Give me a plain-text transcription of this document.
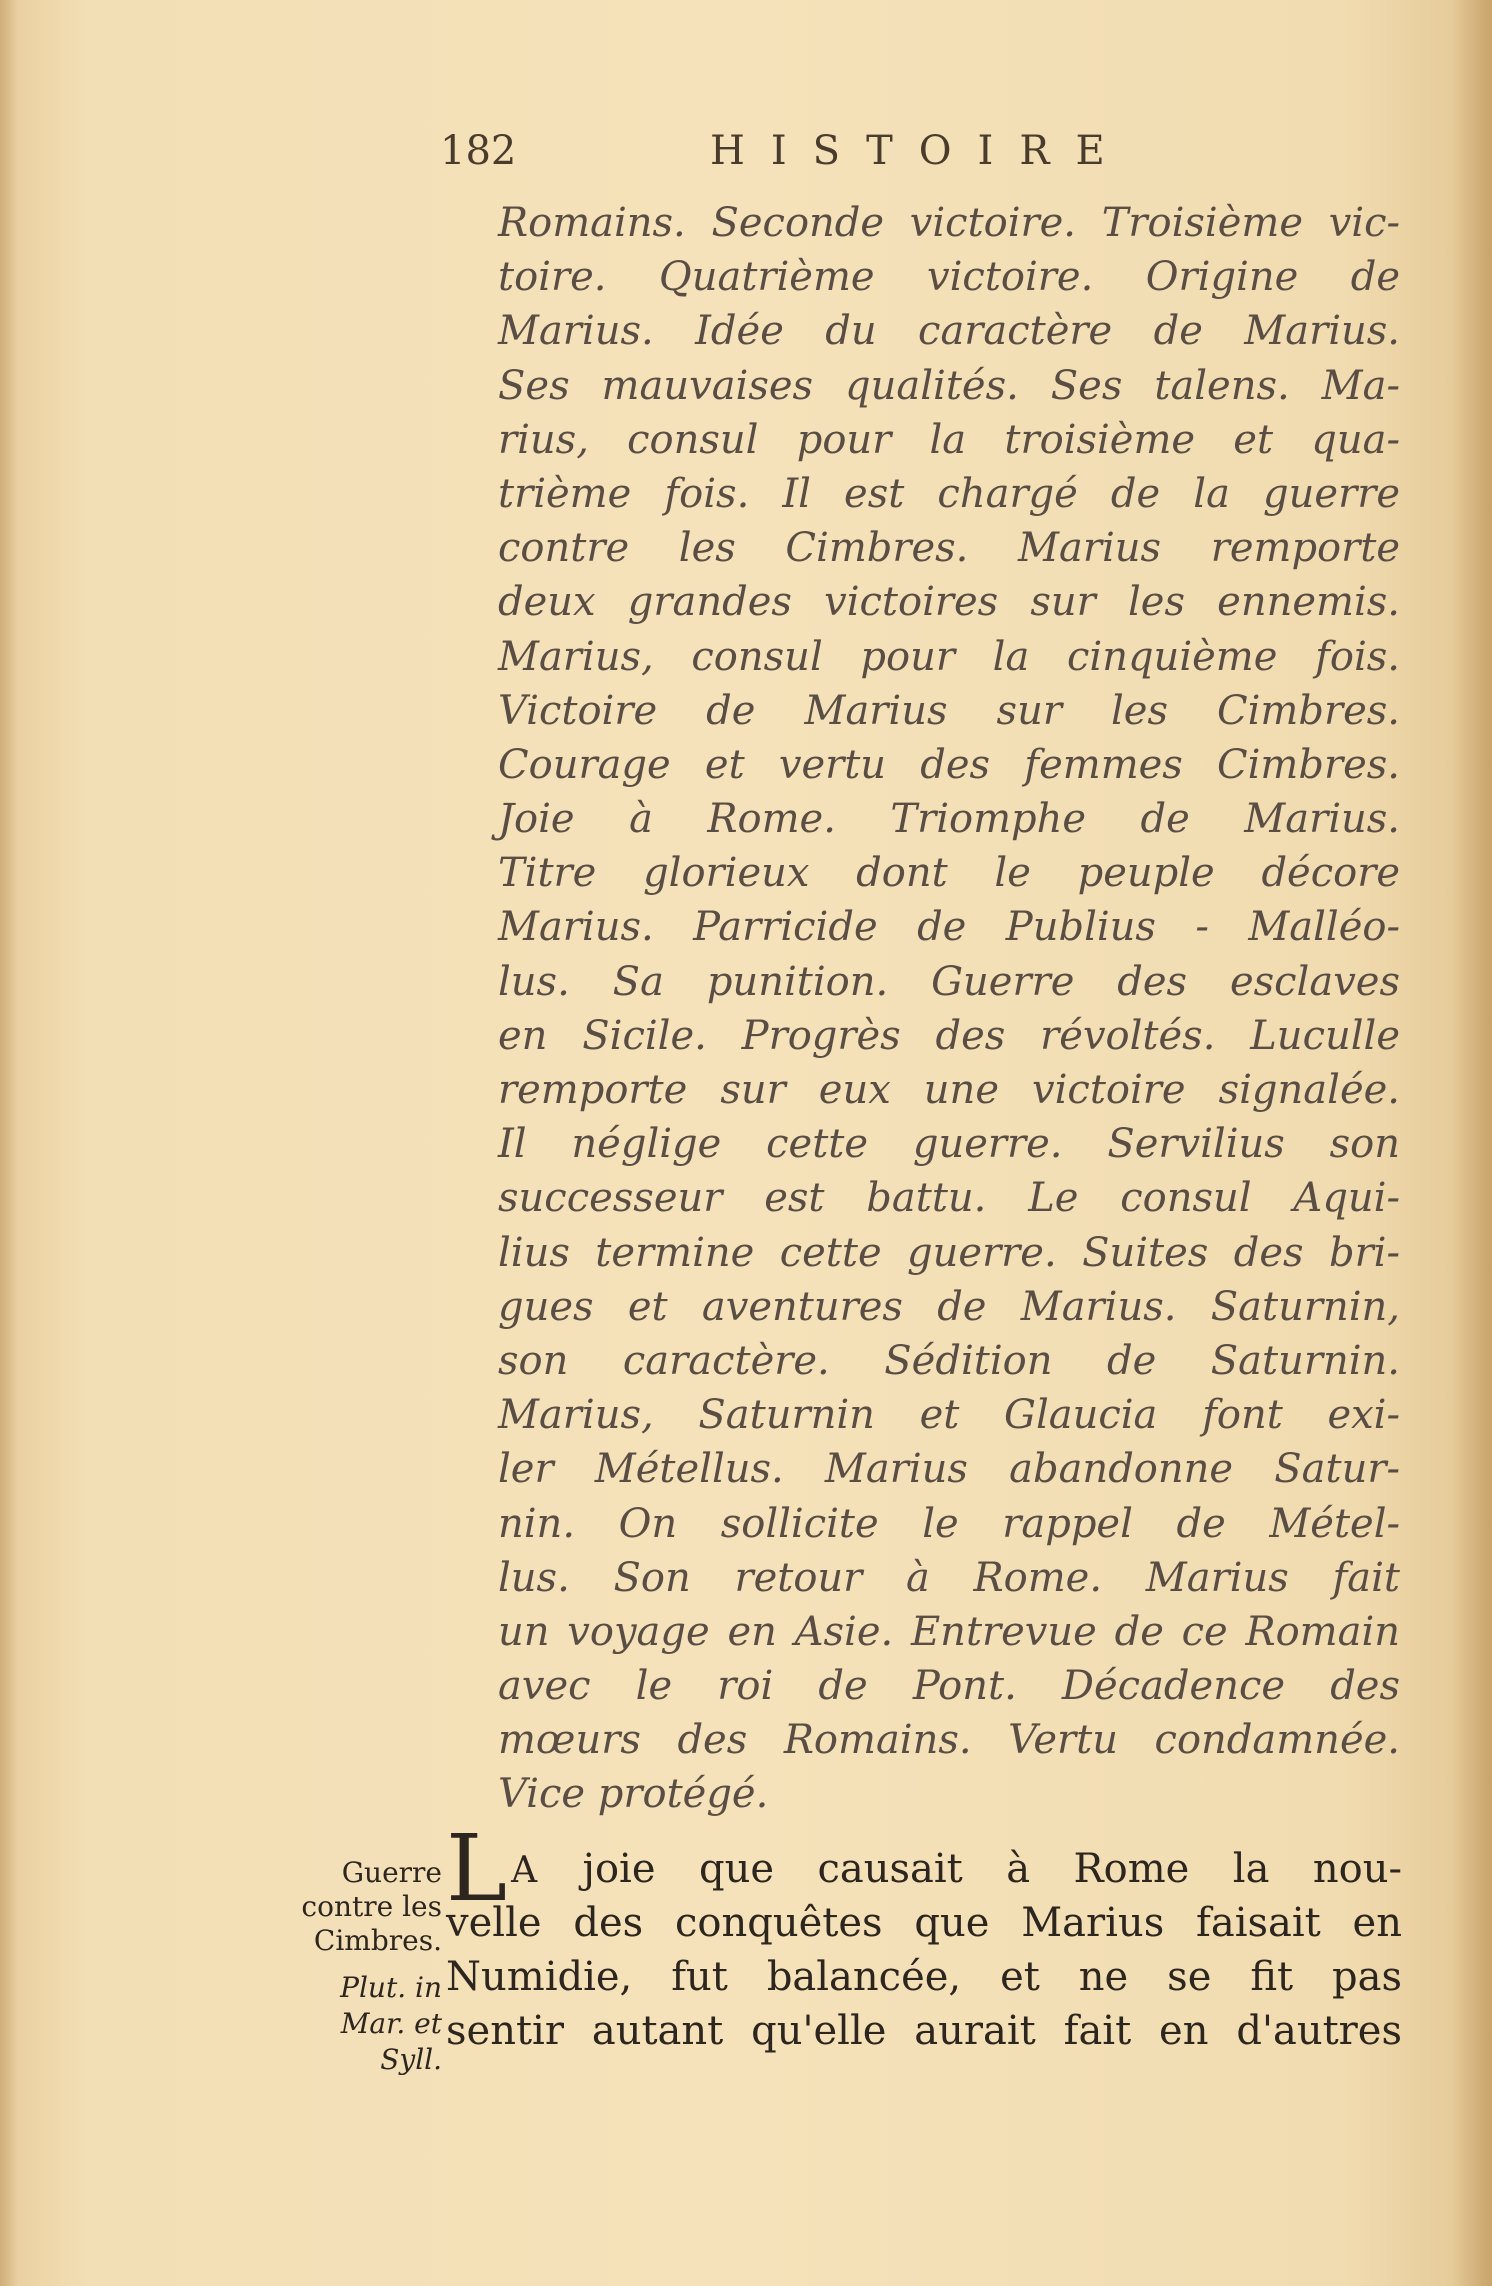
182	HISTOIRE
Romains. Seconde victoire. Troisième vic-
toire. Quatrième victoire. Origine de
Marius. Idée du caractère de Marius.
Ses mauvaises qualités. Ses talens. Ma-
rius, consul pour la troisième et qua-
trième fois. Il est chargé de la guerre
contre les Cimbres. Marius remporte
deux grandes victoires sur les ennemis.
Marius, consul pour la cinquième fois.
Victoire de Marius sur les Cimbres.
Courage et vertu des femmes Cimbres.
Joie à Rome. Triomphe de Marius.
Titre glorieux dont le peuple décore
Marius. Parricide de Publius - Malléo-
lus. Sa punition. Guerre des esclaves
en Sicile. Progrès des révoltés. Luculle
remporte sur eux une victoire signalée.
Il néglige cette guerre. Servilius son
successeur est battu. Le consul Aqui-
lius termine cette guerre. Suites des bri-
gues et aventures de Marius. Saturnin,
son caractère. Sédition de Saturnin.
Marius, Saturnin et Glaucia font exi-
ler Métellus. Marius abandonne Satur-
nin. On sollicite le rappel de Métel-
lus. Son retour à Rome. Marius fait
un voyage en Asie. Entrevue de ce Romain
avec le roi de Pont. Décadence des
mœurs des Romains. Vertu condamnée.
Vice protégé.
Guerre
contre les
Cimbres.
Plut. in
Mar. et
Syll.
L A joie que causait à Rome la nou-
velle des conquêtes que Marius faisait en
Numidie, fut balancée, et ne se fit pas
sentir autant qu'elle aurait fait en d'autres
